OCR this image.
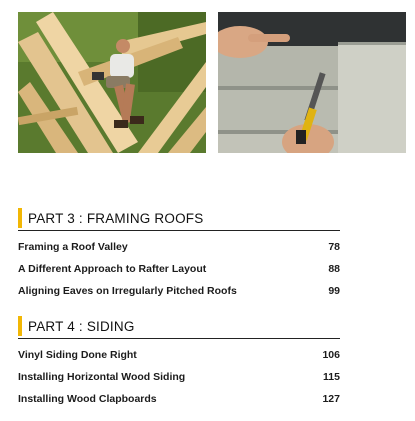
PART 3 : FRAMING ROOFS
Framing a Roof Valley	78
A Different Approach to Rafter Layout	88
Aligning Eaves on Irregularly Pitched Roofs	99
PART 4 : SIDING
Vinyl Siding Done Right	106
Installing Horizontal Wood Siding	115
Installing Wood Clapboards	127
